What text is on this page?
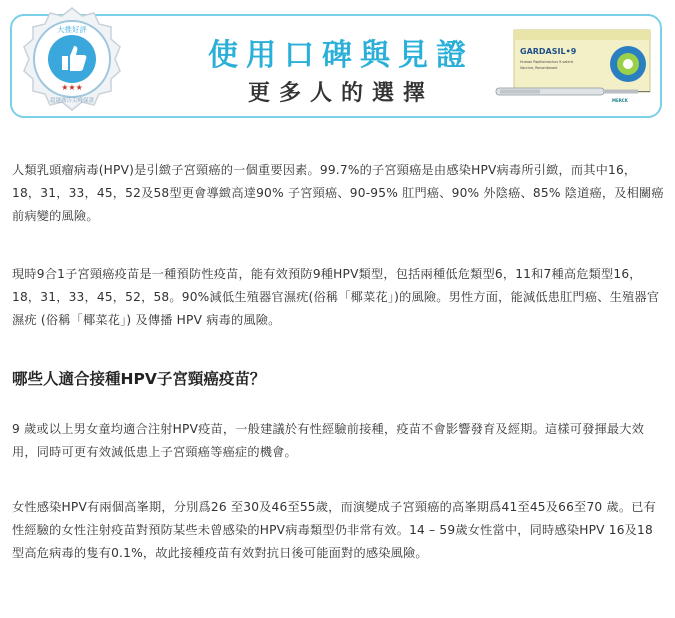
★★★
大推好評
超越廣告尖峰保證
使用口碑與見證
更多人的選擇
GARDASIL•9
Human Papillomavirus 9-valent
Vaccine, Recombinant
MERCK

人類乳頭瘤病毒(HPV)是引緻子宮頸癌的一個重要因素。99.7%的子宮頸癌是由感染HPV病毒所引緻，而其中16，18，31，33，45，52及58型更會導緻高達90% 子宮頸癌、90-95% 肛門癌、90% 外陰癌、85% 陰道癌，及相關癌前病變的風險。

現時9合1子宮頸癌疫苗是一種預防性疫苗，能有效預防9種HPV類型，包括兩種低危類型6，11和7種高危類型16，18，31，33，45，52，58。90%減低生殖器官濕疣(俗稱「椰菜花」)的風險。男性方面，能減低患肛門癌、生殖器官濕疣 (俗稱「椰菜花」) 及傳播 HPV 病毒的風險。

哪些人適合接種HPV子宮頸癌疫苗？

9 歲或以上男女童均適合注射HPV疫苗，一般建議於有性經驗前接種，疫苗不會影響發育及經期。這樣可發揮最大效用，同時可更有效減低患上子宮頸癌等癌症的機會。

女性感染HPV有兩個高峯期，分別爲26 至30及46至55歲，而演變成子宮頸癌的高峯期爲41至45及66至70 歲。已有性經驗的女性注射疫苗對預防某些未曾感染的HPV病毒類型仍非常有效。14 – 59歲女性當中，同時感染HPV 16及18型高危病毒的隻有0.1%，故此接種疫苗有效對抗日後可能面對的感染風險。
